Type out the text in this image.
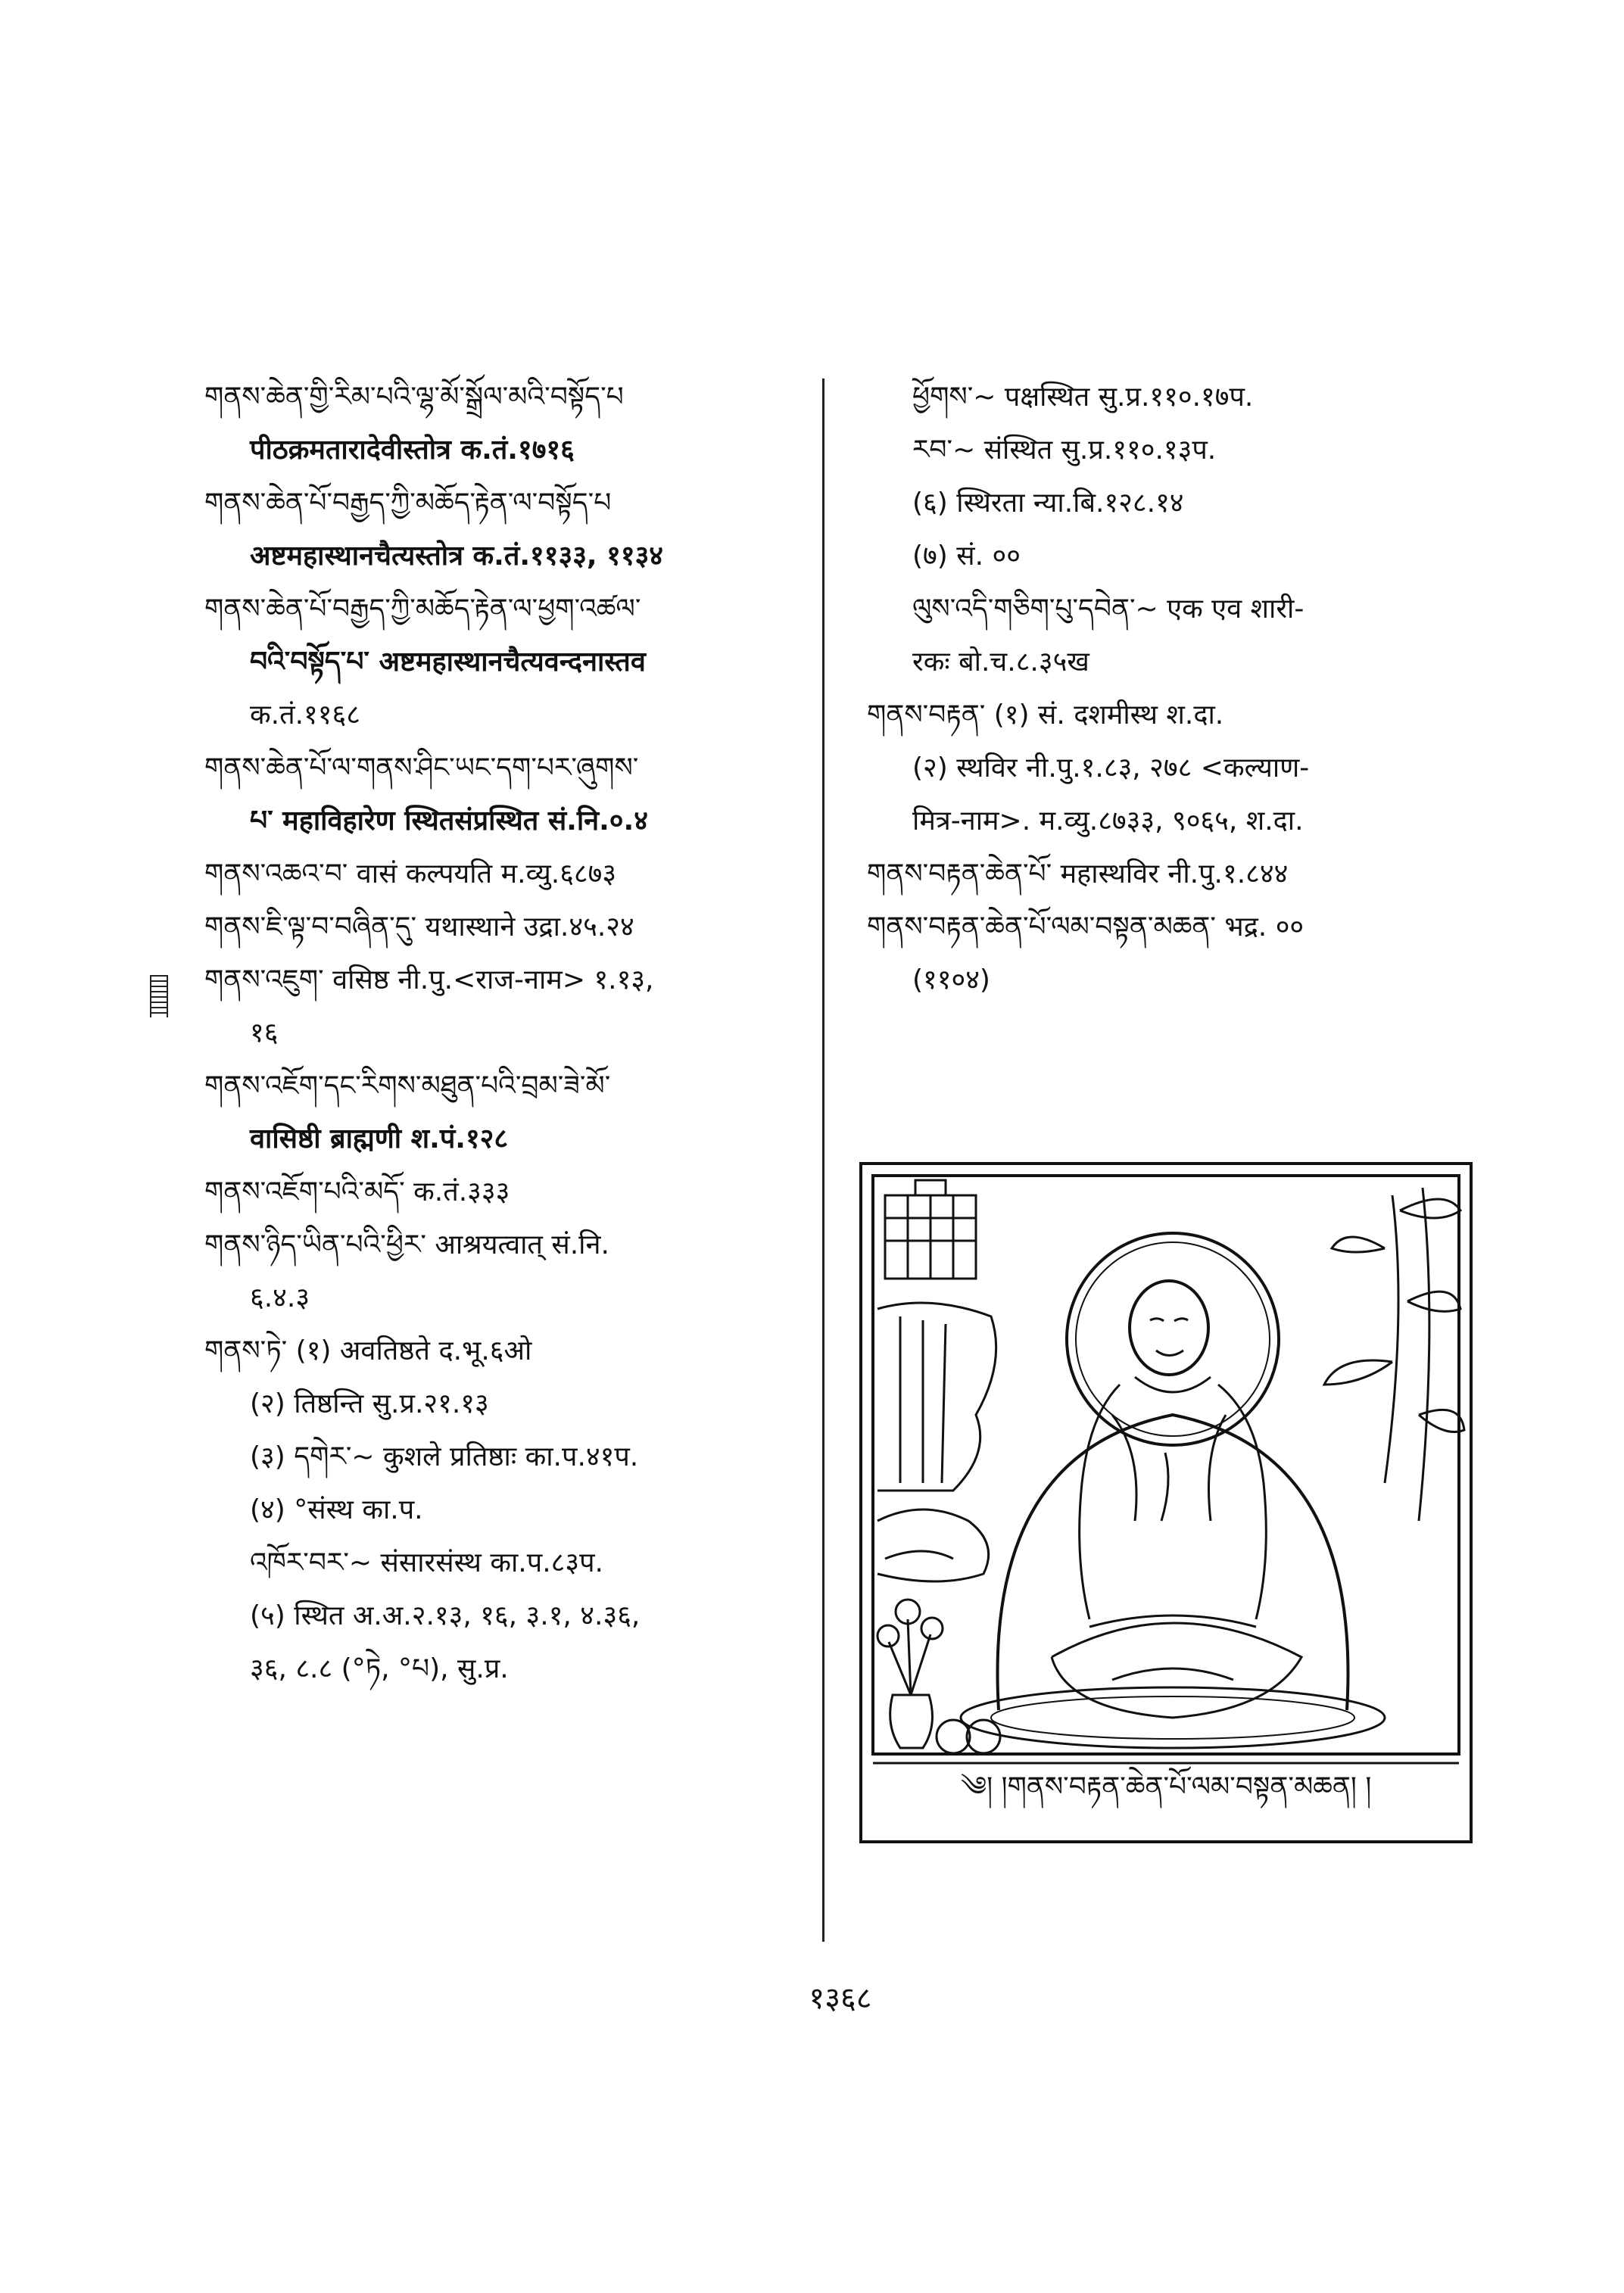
གནས་ཆེན་གྱི་རིམ་པའི་ལྷ་མོ་སྒྲོལ་མའི་བསྟོད་པ
पीठक्रमतारादेवीस्तोत्र क.तं.१७१६
གནས་ཆེན་པོ་བརྒྱད་ཀྱི་མཆོད་རྟེན་ལ་བསྟོད་པ
अष्टमहास्थानचैत्यस्तोत्र क.तं.११३३, ११३४
གནས་ཆེན་པོ་བརྒྱད་ཀྱི་མཆོད་རྟེན་ལ་ཕྱག་འཚལ་
བའི་བསྟོད་པ་ अष्टमहास्थानचैत्यवन्दनास्तव
क.तं.११६८
གནས་ཆེན་པོ་ལ་གནས་ཤིང་ཡང་དག་པར་ཞུགས་
པ་ महाविहारेण स्थितसंप्रस्थित सं.नि.०.४
གནས་འཆའ་བ་ वासं कल्पयति म.व्यु.६८७३
གནས་ཇི་ལྟ་བ་བཞིན་དུ་ यथास्थाने उद्रा.४५.२४
གནས་འཇུག་ वसिष्ठ नी.पु.<राज-नाम> १.१३,
१६
གནས་འཇོག་དང་རིགས་མཐུན་པའི་བྲམ་ཟེ་མོ་
वासिष्ठी ब्राह्मणी श.पं.१२८
གནས་འཇོག་པའི་མདོ་ क.तं.३३३
གནས་ཉིད་ཡིན་པའི་ཕྱིར་ आश्रयत्वात् सं.नि.
६.४.३
གནས་ཏེ་ (१) अवतिष्ठते द.भू.६ओ
(२) तिष्ठन्ति सु.प्र.२१.१३
(३) དགེར་~ कुशले प्रतिष्ठाः का.प.४१प.
(४) °संस्थ का.प.
འཁོར་བར་~ संसारसंस्थ का.प.८३प.
(५) स्थित अ.अ.२.१३, १६, ३.१, ४.३६,
३६, ८.८ (°ཏེ, °པ), सु.प्र.
ཕྱོགས་~ पक्षस्थित सु.प्र.११०.१७प.
རབ་~ संस्थित सु.प्र.११०.१३प.
(६) स्थिरता न्या.बि.१२८.१४
(७) सं. ००
ལུས་འདི་གཅིག་པུ་དབེན་~ एक एव शारी-
रकः बो.च.८.३५ख
གནས་བརྟན་ (१) सं. दशमीस्थ श.दा.
(२) स्थविर नी.पु.१.८३, २७८ <कल्याण-
मित्र-नाम>. म.व्यु.८७३३, ९०६५, श.दा.
གནས་བརྟན་ཆེན་པོ་ महास्थविर नी.पु.१.८४४
གནས་བརྟན་ཆེན་པོ་ལམ་བསྟན་མཆན་ भद्र. ००
(११०४)
༄། །གནས་བརྟན་ཆེན་པོ་ལམ་བསྟན་མཆན། །
१३६८
